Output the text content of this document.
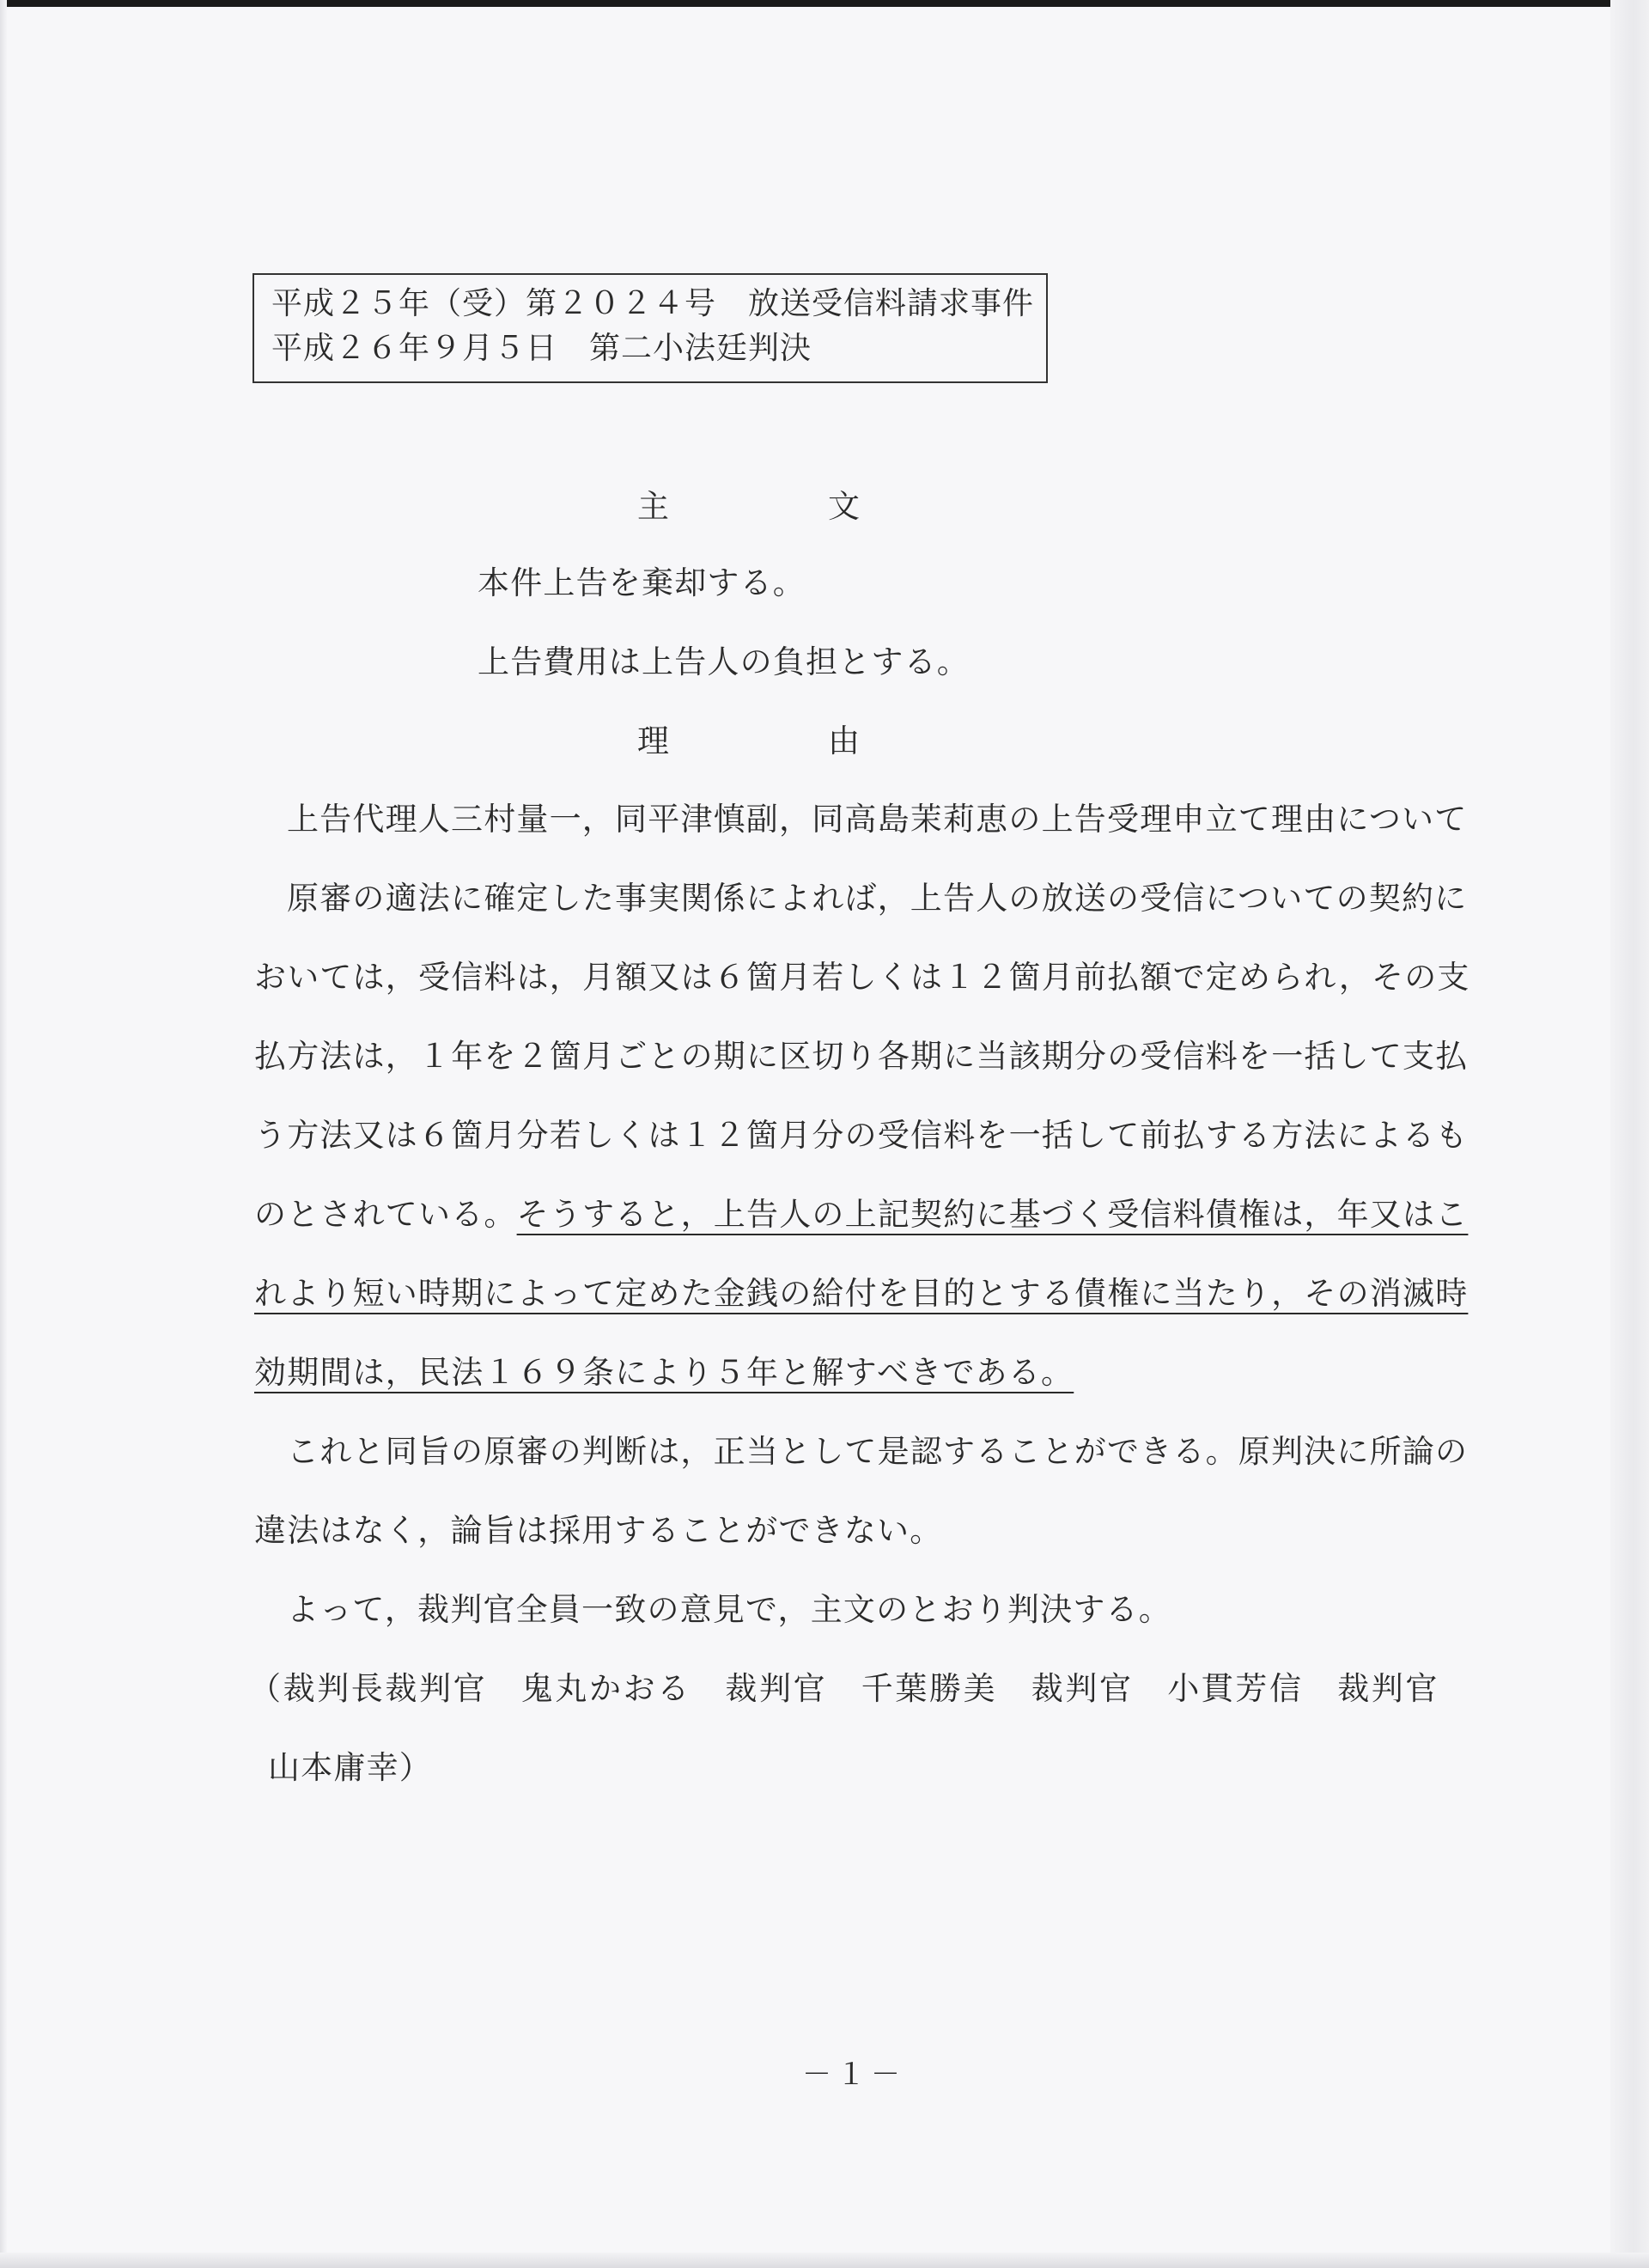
平成２５年（受）第２０２４号　放送受信料請求事件
平成２６年９月５日　第二小法廷判決
主	文
本件上告を棄却する。
上告費用は上告人の負担とする。
理	由
上告代理人三村量一，同平津慎副，同高島茉莉恵の上告受理申立て理由について
原審の適法に確定した事実関係によれば，上告人の放送の受信についての契約に
おいては，受信料は，月額又は６箇月若しくは１２箇月前払額で定められ，その支
払方法は，１年を２箇月ごとの期に区切り各期に当該期分の受信料を一括して支払
う方法又は６箇月分若しくは１２箇月分の受信料を一括して前払する方法によるも
のとされている。そうすると，上告人の上記契約に基づく受信料債権は，年又はこ
れより短い時期によって定めた金銭の給付を目的とする債権に当たり，その消滅時
効期間は，民法１６９条により５年と解すべきである。
これと同旨の原審の判断は，正当として是認することができる。原判決に所論の
違法はなく，論旨は採用することができない。
よって，裁判官全員一致の意見で，主文のとおり判決する。
（裁判長裁判官　鬼丸かおる　裁判官　千葉勝美　裁判官　小貫芳信　裁判官
山本庸幸）
－１－
